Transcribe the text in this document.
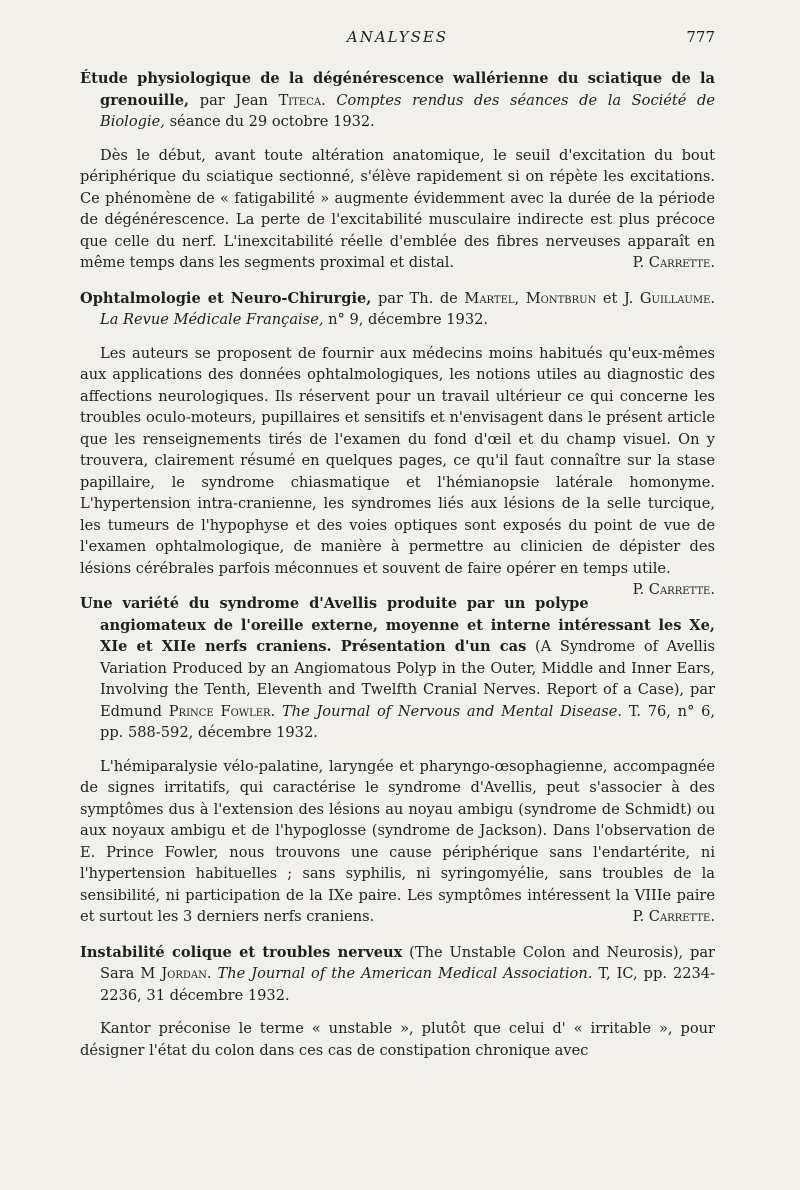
ANALYSES	777

Étude physiologique de la dégénérescence wallérienne du sciatique de la grenouille, par Jean Titeca. Comptes rendus des séances de la Société de Biologie, séance du 29 octobre 1932.

Dès le début, avant toute altération anatomique, le seuil d'excitation du bout périphérique du sciatique sectionné, s'élève rapidement si on répète les excitations. Ce phénomène de « fatigabilité » augmente évidemment avec la durée de la période de dégénérescence. La perte de l'excitabilité musculaire indirecte est plus précoce que celle du nerf. L'inexcitabilité réelle d'emblée des fibres nerveuses apparaît en même temps dans les segments proximal et distal.	P. Carrette.

Ophtalmologie et Neuro-Chirurgie, par Th. de Martel, Montbrun et J. Guillaume. La Revue Médicale Française, n° 9, décembre 1932.

Les auteurs se proposent de fournir aux médecins moins habitués qu'eux-mêmes aux applications des données ophtalmologiques, les notions utiles au diagnostic des affections neurologiques. Ils réservent pour un travail ultérieur ce qui concerne les troubles oculo-moteurs, pupillaires et sensitifs et n'envisagent dans le présent article que les renseignements tirés de l'examen du fond d'œil et du champ visuel. On y trouvera, clairement résumé en quelques pages, ce qu'il faut connaître sur la stase papillaire, le syndrome chiasmatique et l'hémianopsie latérale homonyme. L'hypertension intra-cranienne, les syndromes liés aux lésions de la selle turcique, les tumeurs de l'hypophyse et des voies optiques sont exposés du point de vue de l'examen ophtalmologique, de manière à permettre au clinicien de dépister des lésions cérébrales parfois méconnues et souvent de faire opérer en temps utile.
P. Carrette.

Une variété du syndrome d'Avellis produite par un polype angiomateux de l'oreille externe, moyenne et interne intéressant les Xe, XIe et XIIe nerfs craniens. Présentation d'un cas (A Syndrome of Avellis Variation Produced by an Angiomatous Polyp in the Outer, Middle and Inner Ears, Involving the Tenth, Eleventh and Twelfth Cranial Nerves. Report of a Case), par Edmund Prince Fowler. The Journal of Nervous and Mental Disease. T. 76, n° 6, pp. 588-592, décembre 1932.

L'hémiparalysie vélo-palatine, laryngée et pharyngo-œsophagienne, accompagnée de signes irritatifs, qui caractérise le syndrome d'Avellis, peut s'associer à des symptômes dus à l'extension des lésions au noyau ambigu (syndrome de Schmidt) ou aux noyaux ambigu et de l'hypoglosse (syndrome de Jackson). Dans l'observation de E. Prince Fowler, nous trouvons une cause périphérique sans l'endartérite, ni l'hypertension habituelles ; sans syphilis, ni syringomyélie, sans troubles de la sensibilité, ni participation de la IXe paire. Les symptômes intéressent la VIIIe paire et surtout les 3 derniers nerfs craniens.	P. Carrette.

Instabilité colique et troubles nerveux (The Unstable Colon and Neurosis), par Sara M Jordan. The Journal of the American Medical Association. T, IC, pp. 2234-2236, 31 décembre 1932.

Kantor préconise le terme « unstable », plutôt que celui d' « irritable », pour désigner l'état du colon dans ces cas de constipation chronique avec
